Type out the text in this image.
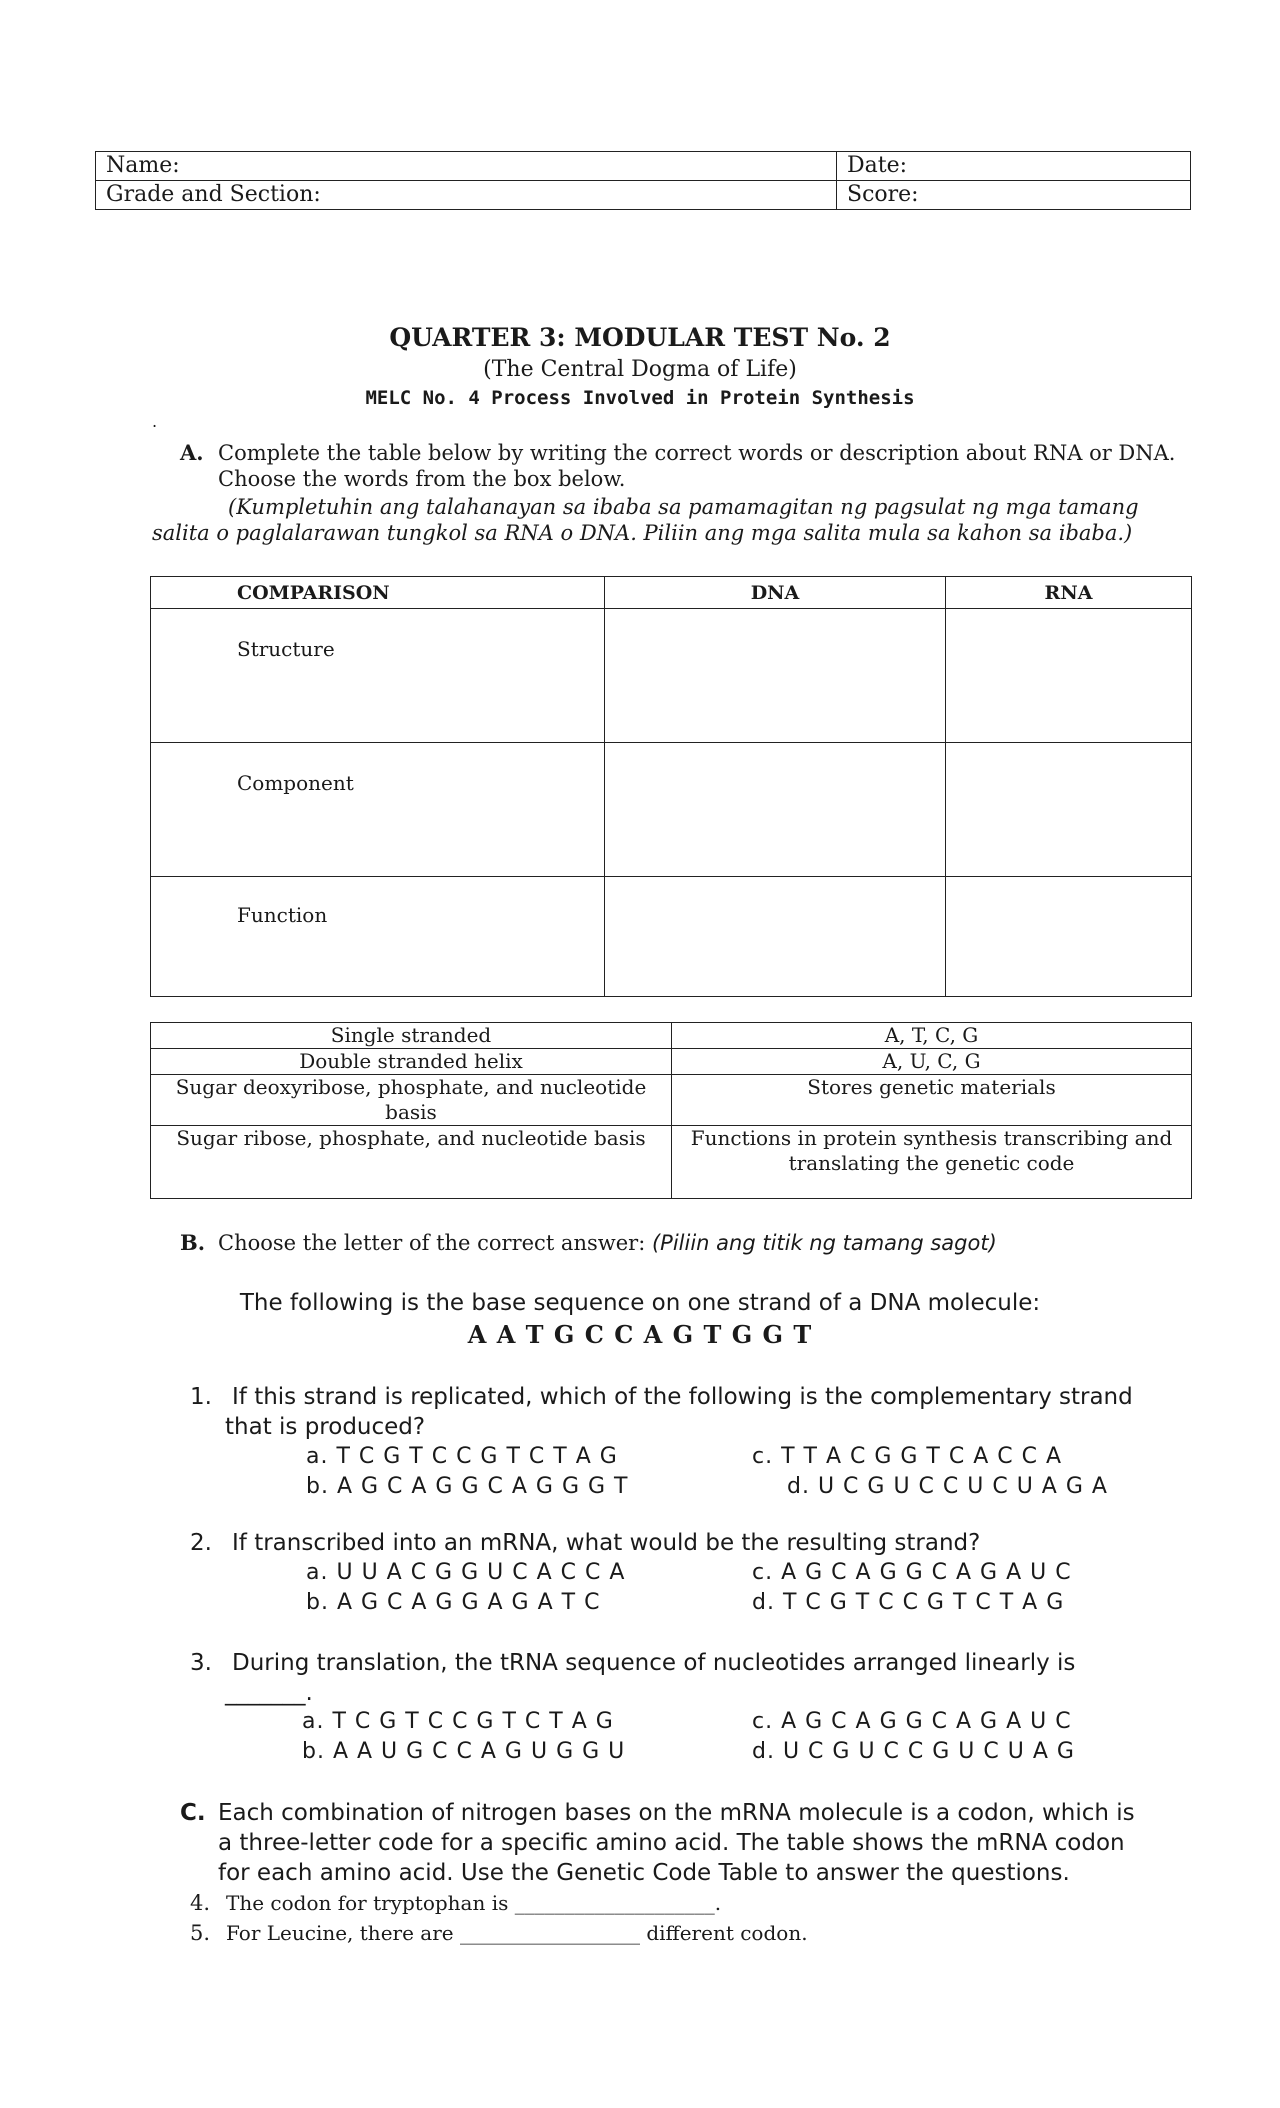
Name:	Date:
Grade and Section:	Score:
QUARTER 3: MODULAR TEST No. 2
(The Central Dogma of Life)
MELC No. 4 Process Involved in Protein Synthesis
.
A. Complete the table below by writing the correct words or description about RNA or DNA.
Choose the words from the box below.
(Kumpletuhin ang talahanayan sa ibaba sa pamamagitan ng pagsulat ng mga tamang
salita o paglalarawan tungkol sa RNA o DNA. Piliin ang mga salita mula sa kahon sa ibaba.)
COMPARISON	DNA	RNA
Structure		
Component		
Function		
Single stranded	A, T, C, G
Double stranded helix	A, U, C, G
Sugar deoxyribose, phosphate, and nucleotide basis	Stores genetic materials
Sugar ribose, phosphate, and nucleotide basis	Functions in protein synthesis transcribing and translating the genetic code
B. Choose the letter of the correct answer: (Piliin ang titik ng tamang sagot)
The following is the base sequence on one strand of a DNA molecule:
A A T G C C A G T G G T
1. If this strand is replicated, which of the following is the complementary strand
that is produced?
a. T C G T C C G T C T A G
b. A G C A G G C A G G G T
c. T T A C G G T C A C C A
d. U C G U C C U C U A G A
2. If transcribed into an mRNA, what would be the resulting strand?
a. U U A C G G U C A C C A
b. A G C A G G A G A T C
c. A G C A G G C A G A U C
d. T C G T C C G T C T A G
3. During translation, the tRNA sequence of nucleotides arranged linearly is
_______.
a. T C G T C C G T C T A G
b. A A U G C C A G U G G U
c. A G C A G G C A G A U C
d. U C G U C C G U C U A G
C. Each combination of nitrogen bases on the mRNA molecule is a codon, which is
a three-letter code for a specific amino acid. The table shows the mRNA codon
for each amino acid. Use the Genetic Code Table to answer the questions.
4. The codon for tryptophan is ____________________.
5. For Leucine, there are __________________ different codon.
